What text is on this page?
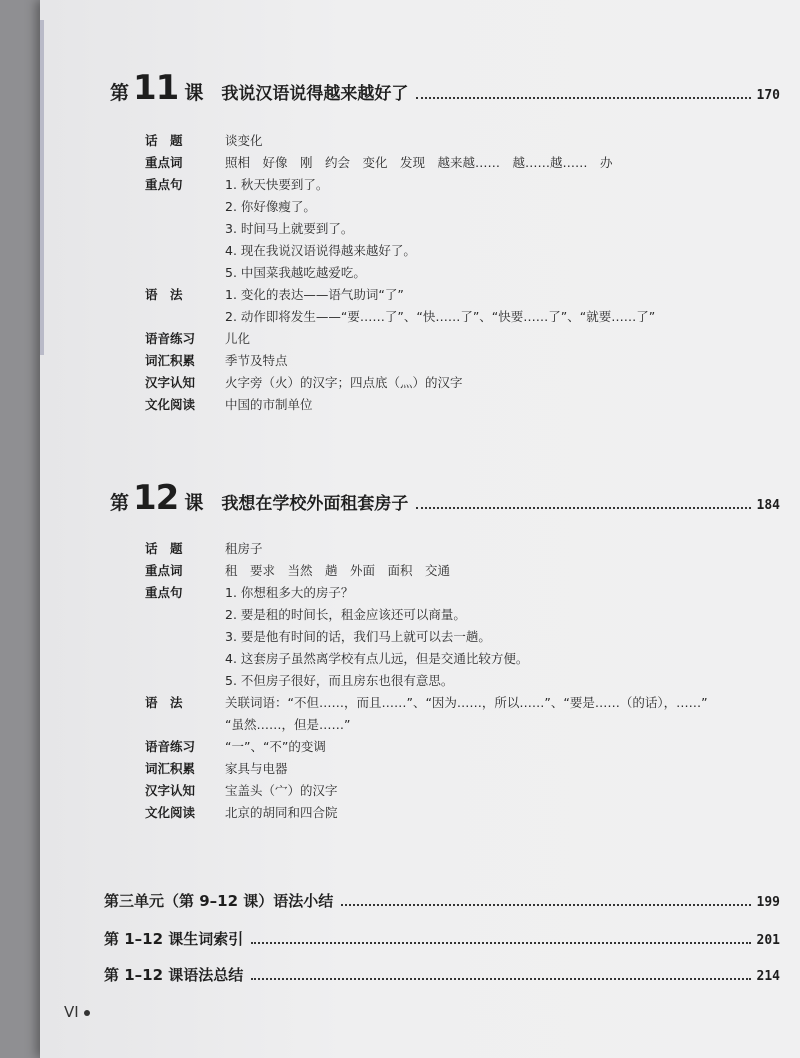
第 11 课 我说汉语说得越来越好了	170
话　题	谈变化
重点词	照相　好像　刚　约会　变化　发现　越来越……　越……越……　办
重点句	1. 秋天快要到了。
2. 你好像瘦了。
3. 时间马上就要到了。
4. 现在我说汉语说得越来越好了。
5. 中国菜我越吃越爱吃。
语　法	1. 变化的表达——语气助词“了”
2. 动作即将发生——“要……了”、“快……了”、“快要……了”、“就要……了”
语音练习	儿化
词汇积累	季节及特点
汉字认知	火字旁（火）的汉字；四点底（灬）的汉字
文化阅读	中国的市制单位
第 12 课 我想在学校外面租套房子	184
话　题	租房子
重点词	租　要求　当然　趟　外面　面积　交通
重点句	1. 你想租多大的房子？
2. 要是租的时间长，租金应该还可以商量。
3. 要是他有时间的话，我们马上就可以去一趟。
4. 这套房子虽然离学校有点儿远，但是交通比较方便。
5. 不但房子很好，而且房东也很有意思。
语　法	关联词语：“不但……，而且……”、“因为……，所以……”、“要是……（的话），……”
“虽然……，但是……”
语音练习	“一”、“不”的变调
词汇积累	家具与电器
汉字认知	宝盖头（宀）的汉字
文化阅读	北京的胡同和四合院
第三单元（第 9–12 课）语法小结	199
第 1–12 课生词索引	201
第 1–12 课语法总结	214
VI
